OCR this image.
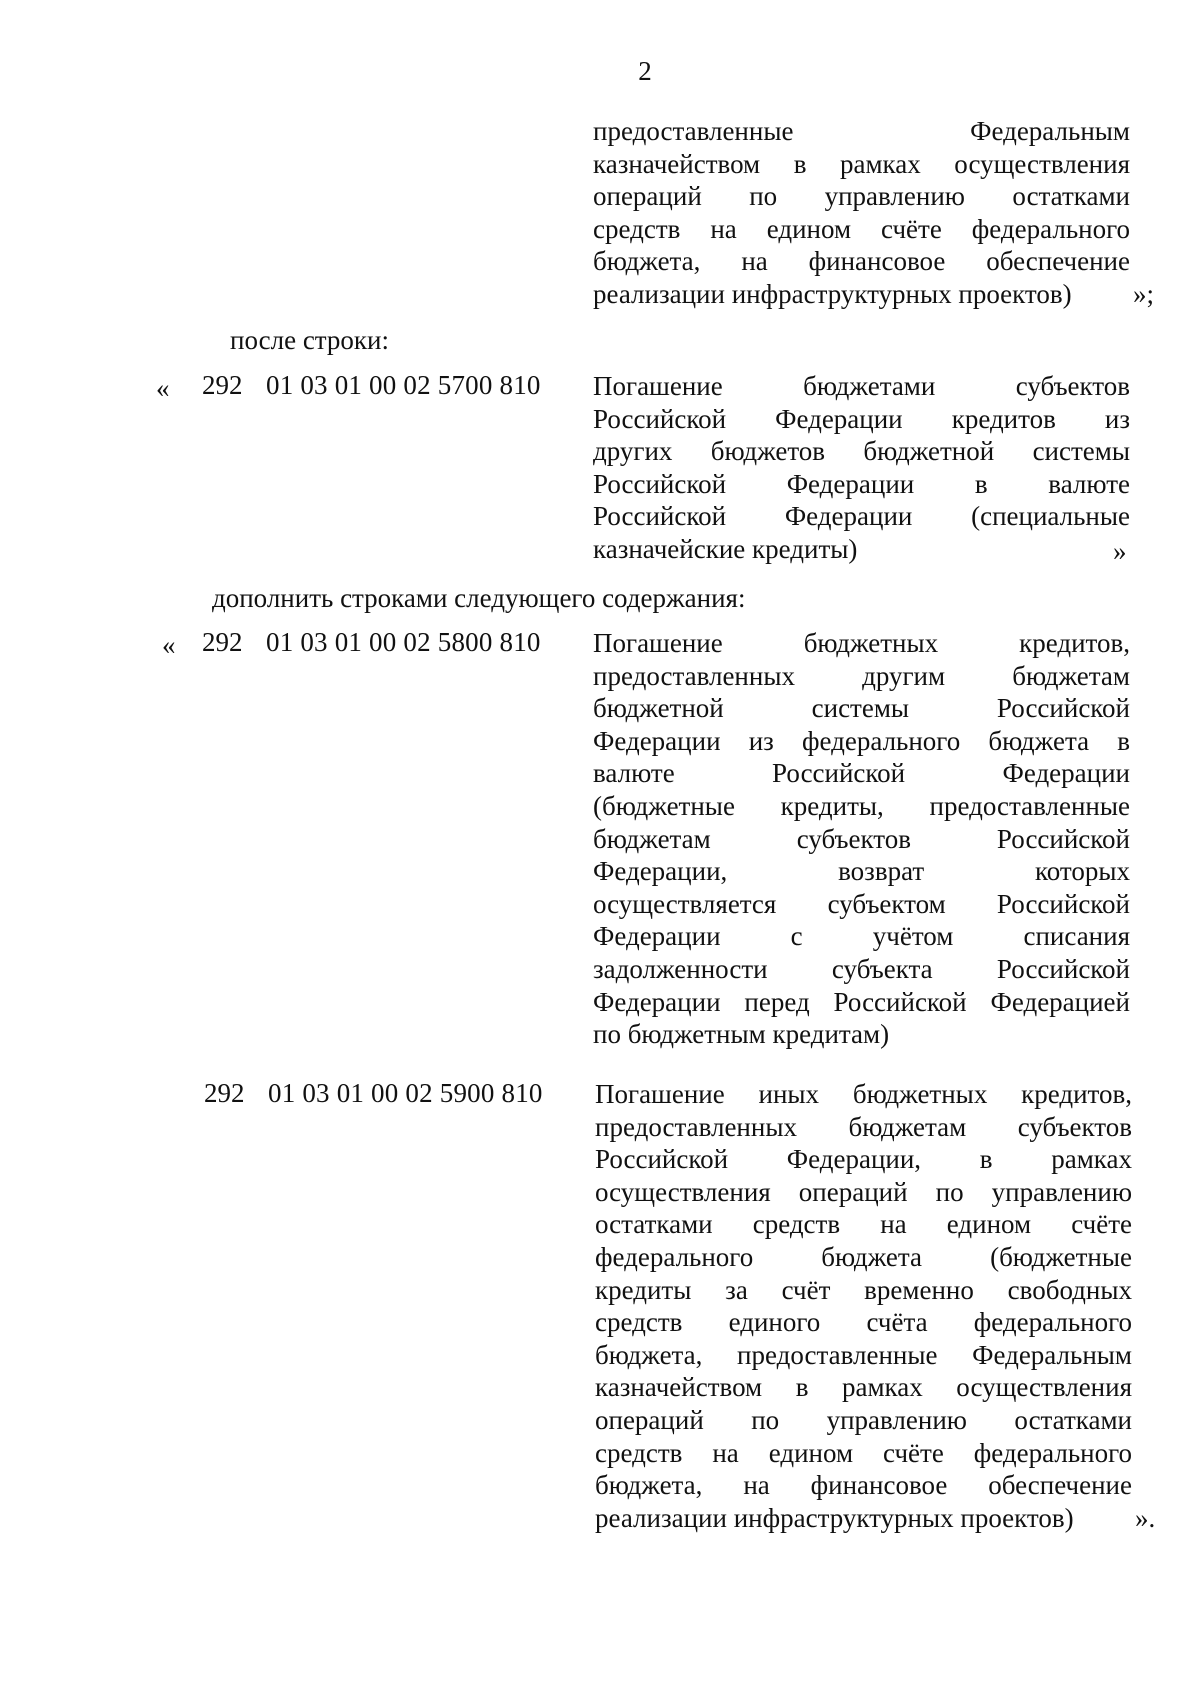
2
предоставленные Федеральным
казначейством в рамках осуществления
операций по управлению остатками
средств на едином счёте федерального
бюджета, на финансовое обеспечение
реализации инфраструктурных проектов)	»;
после строки:
« 292 01 03 01 00 02 5700 810 Погашение бюджетами субъектов
Российской Федерации кредитов из
других бюджетов бюджетной системы
Российской Федерации в валюте
Российской Федерации (специальные
казначейские кредиты)	»
дополнить строками следующего содержания:
« 292 01 03 01 00 02 5800 810 Погашение бюджетных кредитов,
предоставленных другим бюджетам
бюджетной системы Российской
Федерации из федерального бюджета в
валюте Российской Федерации
(бюджетные кредиты, предоставленные
бюджетам субъектов Российской
Федерации, возврат которых
осуществляется субъектом Российской
Федерации с учётом списания
задолженности субъекта Российской
Федерации перед Российской Федерацией
по бюджетным кредитам)
292 01 03 01 00 02 5900 810 Погашение иных бюджетных кредитов,
предоставленных бюджетам субъектов
Российской Федерации, в рамках
осуществления операций по управлению
остатками средств на едином счёте
федерального бюджета (бюджетные
кредиты за счёт временно свободных
средств единого счёта федерального
бюджета, предоставленные Федеральным
казначейством в рамках осуществления
операций по управлению остатками
средств на едином счёте федерального
бюджета, на финансовое обеспечение
реализации инфраструктурных проектов)	».
